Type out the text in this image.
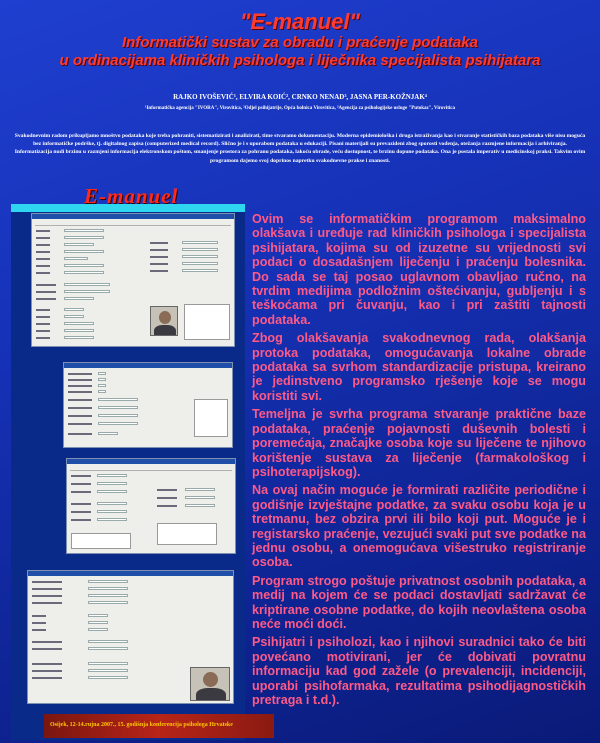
"E-manuel"
Informatički sustav za obradu i praćenje podataka
u ordinacijama kliničkih psihologa i liječnika specijalista psihijatara
RAJKO IVOŠEVIĆ¹, ELVIRA KOIĆ², CRNKO NENAD³, JASNA PER-KOŽNJAK⁴
¹Informatička agencija "IVORA", Virovitica, ²Odjel psihijatrije, Opća bolnica Virovitica, ³Agencija za psihologijske usluge "Putokaz", Virovitica
Svakodnevnim radom prikupljamo mnoštvo podataka koje treba pohraniti, sistematizirati i analizirati, time stvaramo dokumentaciju. Moderna epidemiološka i druga istraživanja kao i stvaranje statističkih baza podataka više nisu moguća bez informatičke podrške, tj. digitalnog zapisa (computerized medical record). Slično je i s uporabom podataka u edukaciji. Pisani materijali su prevazideni zbog sporosti vođenja, otežanja razmjene informacija i arhiviranja. Informatizacija nudi brzinu u razmjeni informacija elektronskom poštom, smanjenje prostora za pohranu podataka, lakoću obrade, veću dostupnost, te brzinu dopune podataka. Ona je postala imperativ u medicinskoj praksi. Takvim ovim programom dajemo svoj doprinos napretku svakodnevne prakse i znanosti.
E-manuel
Osijek, 12-14.rujna 2007., 15. godišnja konferencija psihologa Hrvatske

Ovim se informatičkim programom maksimalno olakšava i uređuje rad kliničkih psihologa i specijalista psihijatara, kojima su od izuzetne su vrijednosti svi podaci o dosadašnjem liječenju i praćenju bolesnika. Do sada se taj posao uglavnom obavljao ručno, na tvrdim medijima podložnim oštećivanju, gubljenju i s teškoćama pri čuvanju, kao i pri zaštiti tajnosti podataka.

Zbog olakšavanja svakodnevnog rada, olakšanja protoka podataka, omogućavanja lokalne obrade podataka sa svrhom standardizacije pristupa, kreirano je jedinstveno programsko rješenje koje se mogu koristiti svi.

Temeljna je svrha programa stvaranje praktične baze podataka, praćenje pojavnosti duševnih bolesti i poremećaja, značajke osoba koje su liječene te njihovo korištenje sustava za liječenje (farmakološkog i psihoterapijskog).

Na ovaj način moguće je formirati različite periodične i godišnje izvještajne podatke, za svaku osobu koja je u tretmanu, bez obzira prvi ili bilo koji put. Moguće je i registarsko praćenje, vezujući svaki put sve podatke na jednu osobu, a onemogućava višestruko registriranje osoba.

Program strogo poštuje privatnost osobnih podataka, a medij na kojem će se podaci dostavljati sadržavat će kriptirane osobne podatke, do kojih neovlaštena osoba neće moći doći.

Psihijatri i psiholozi, kao i njihovi suradnici tako će biti povećano motivirani, jer će dobivati povratnu informaciju kad god zažele (o prevalenciji, incidenciji, uporabi psihofarmaka, rezultatima psihodijagnostičkih pretraga i t.d.).
